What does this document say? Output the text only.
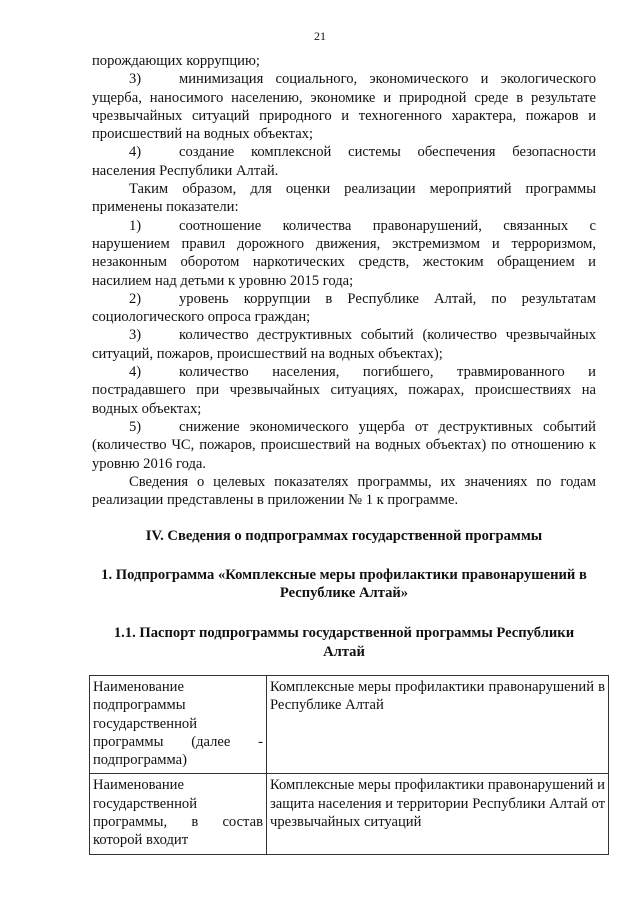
21

порождающих коррупцию;

3)	минимизация социального, экономического и экологического ущерба, наносимого населению, экономике и природной среде в результате чрезвычайных ситуаций природного и техногенного характера, пожаров и происшествий на водных объектах;

4)	создание комплексной системы обеспечения безопасности населения Республики Алтай.

Таким образом, для оценки реализации мероприятий программы применены показатели:

1)	соотношение количества правонарушений, связанных с нарушением правил дорожного движения, экстремизмом и терроризмом, незаконным оборотом наркотических средств, жестоким обращением и насилием над детьми к уровню 2015 года;

2)	уровень коррупции в Республике Алтай, по результатам социологического опроса граждан;

3)	количество деструктивных событий (количество чрезвычайных ситуаций, пожаров, происшествий на водных объектах);

4)	количество населения, погибшего, травмированного и пострадавшего при чрезвычайных ситуациях, пожарах, происшествиях на водных объектах;

5)	снижение экономического ущерба от деструктивных событий (количество ЧС, пожаров, происшествий на водных объектах) по отношению к уровню 2016 года.

Сведения о целевых показателях программы, их значениях по годам реализации представлены в приложении № 1 к программе.

IV. Сведения о подпрограммах государственной программы

1. Подпрограмма «Комплексные меры профилактики правонарушений в Республике Алтай»

1.1. Паспорт подпрограммы государственной программы Республики Алтай

Наименование подпрограммы государственной программы (далее - подпрограмма)	Комплексные меры профилактики правонарушений в Республике Алтай
Наименование государственной программы, в состав которой входит	Комплексные меры профилактики правонарушений и защита населения и территории Республики Алтай от чрезвычайных ситуаций
